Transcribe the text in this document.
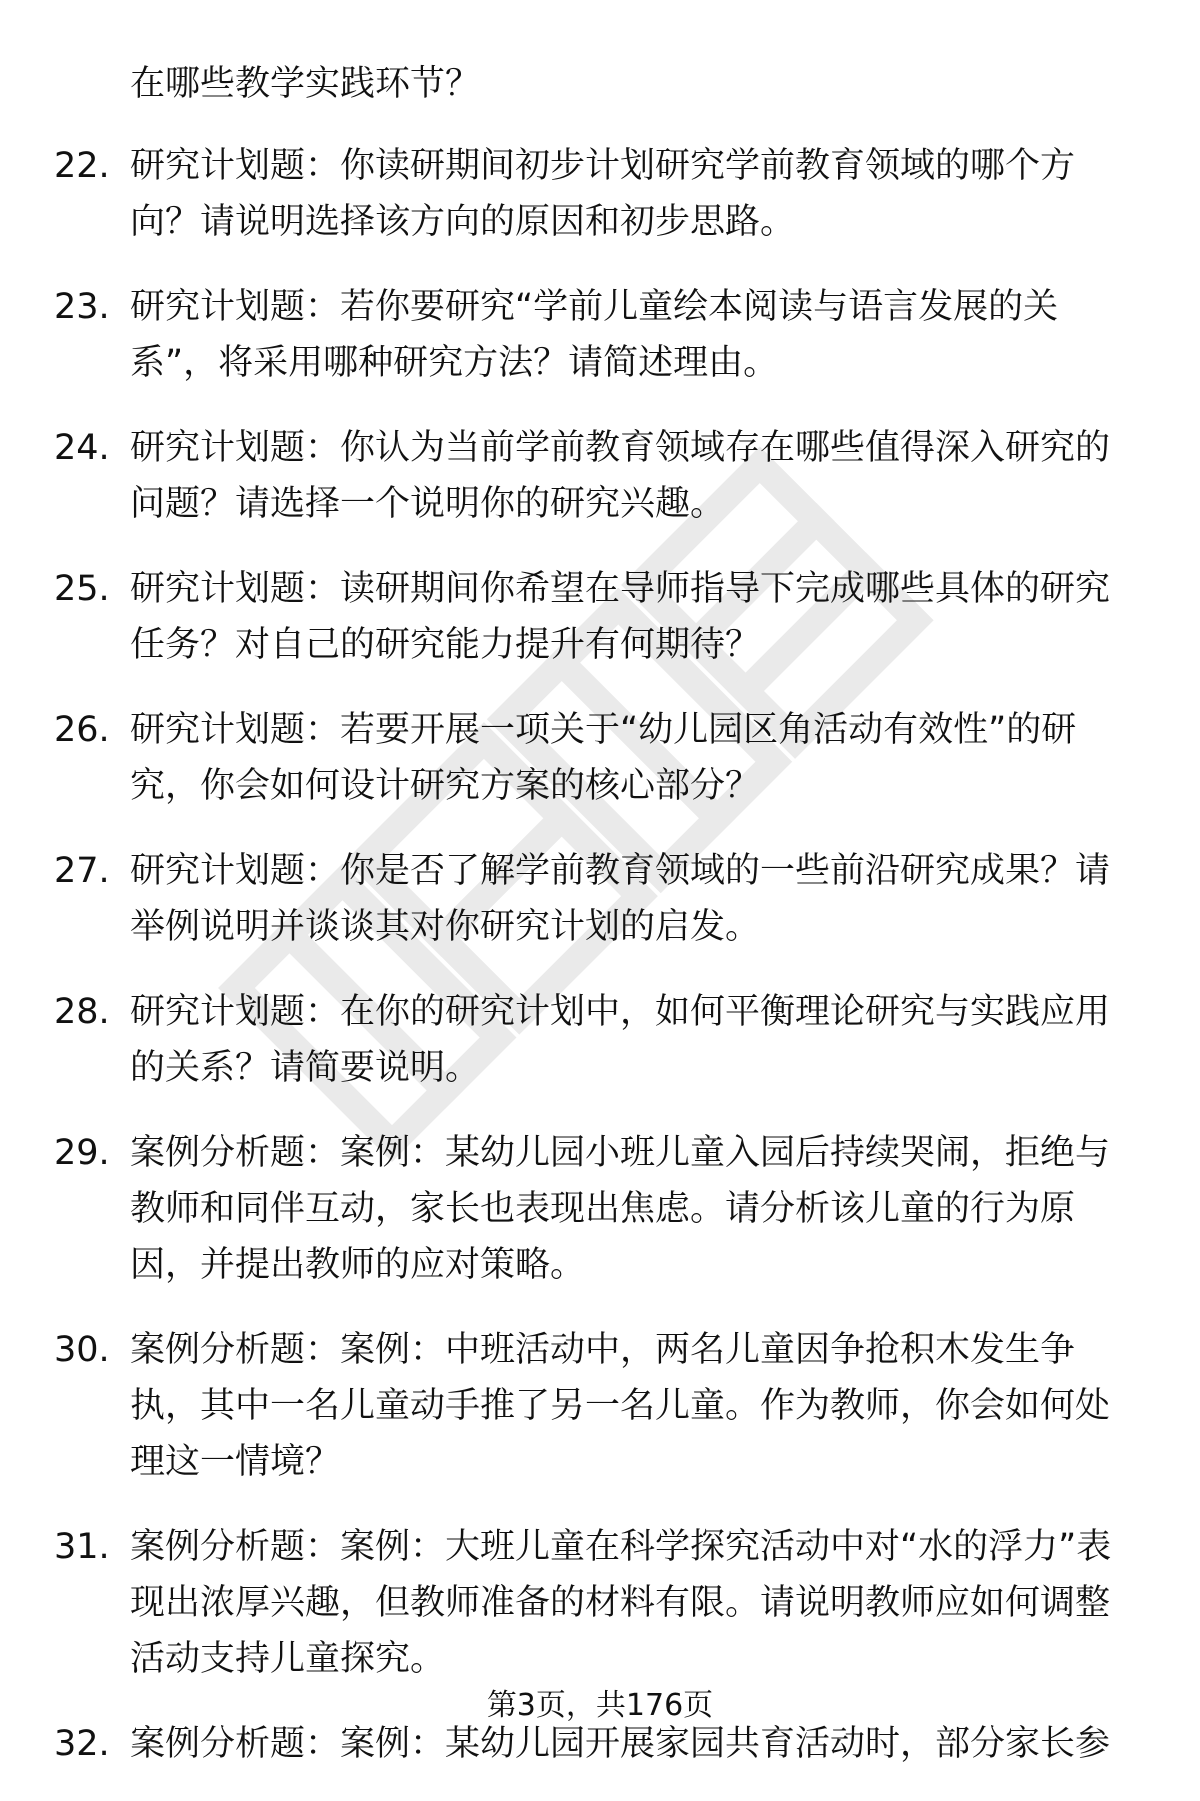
在哪些教学实践环节？
22. 研究计划题：你读研期间初步计划研究学前教育领域的哪个方向？请说明选择该方向的原因和初步思路。
23. 研究计划题：若你要研究“学前儿童绘本阅读与语言发展的关系”，将采用哪种研究方法？请简述理由。
24. 研究计划题：你认为当前学前教育领域存在哪些值得深入研究的问题？请选择一个说明你的研究兴趣。
25. 研究计划题：读研期间你希望在导师指导下完成哪些具体的研究任务？对自己的研究能力提升有何期待？
26. 研究计划题：若要开展一项关于“幼儿园区角活动有效性”的研究，你会如何设计研究方案的核心部分？
27. 研究计划题：你是否了解学前教育领域的一些前沿研究成果？请举例说明并谈谈其对你研究计划的启发。
28. 研究计划题：在你的研究计划中，如何平衡理论研究与实践应用的关系？请简要说明。
29. 案例分析题：案例：某幼儿园小班儿童入园后持续哭闹，拒绝与教师和同伴互动，家长也表现出焦虑。请分析该儿童的行为原因，并提出教师的应对策略。
30. 案例分析题：案例：中班活动中，两名儿童因争抢积木发生争执，其中一名儿童动手推了另一名儿童。作为教师，你会如何处理这一情境？
31. 案例分析题：案例：大班儿童在科学探究活动中对“水的浮力”表现出浓厚兴趣，但教师准备的材料有限。请说明教师应如何调整活动支持儿童探究。
32. 案例分析题：案例：某幼儿园开展家园共育活动时，部分家长参
第3页，共176页
